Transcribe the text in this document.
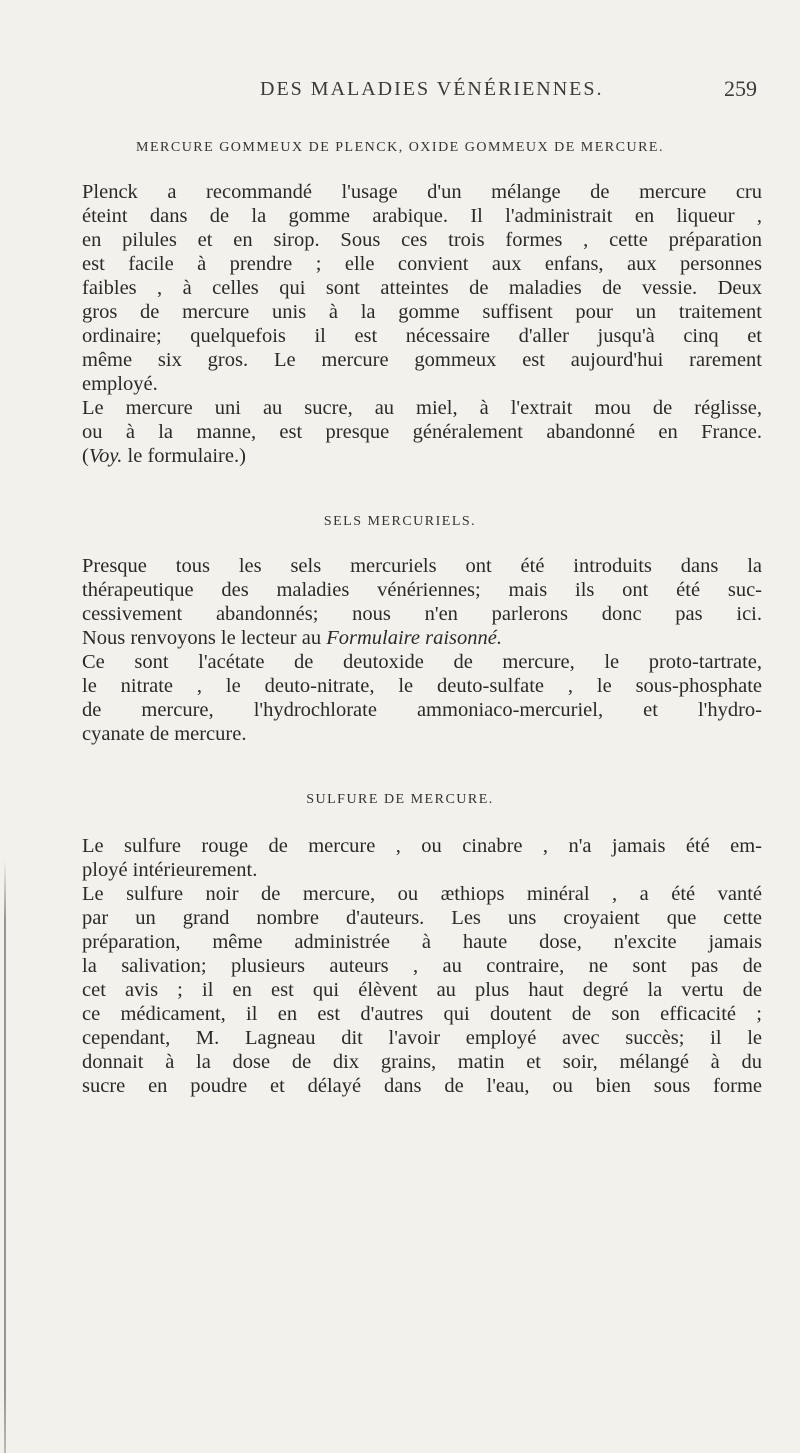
DES MALADIES VÉNÉRIENNES.	259
MERCURE GOMMEUX DE PLENCK, OXIDE GOMMEUX DE MERCURE.
Plenck a recommandé l'usage d'un mélange de mercure cru
éteint dans de la gomme arabique. Il l'administrait en liqueur ,
en pilules et en sirop. Sous ces trois formes , cette préparation
est facile à prendre ; elle convient aux enfans, aux personnes
faibles , à celles qui sont atteintes de maladies de vessie. Deux
gros de mercure unis à la gomme suffisent pour un traitement
ordinaire; quelquefois il est nécessaire d'aller jusqu'à cinq et
même six gros. Le mercure gommeux est aujourd'hui rarement
employé.
Le mercure uni au sucre, au miel, à l'extrait mou de réglisse,
ou à la manne, est presque généralement abandonné en France.
(Voy. le formulaire.)
SELS MERCURIELS.
Presque tous les sels mercuriels ont été introduits dans la
thérapeutique des maladies vénériennes; mais ils ont été suc-
cessivement abandonnés; nous n'en parlerons donc pas ici.
Nous renvoyons le lecteur au Formulaire raisonné.
Ce sont l'acétate de deutoxide de mercure, le proto-tartrate,
le nitrate , le deuto-nitrate, le deuto-sulfate , le sous-phosphate
de mercure, l'hydrochlorate ammoniaco-mercuriel, et l'hydro-
cyanate de mercure.
SULFURE DE MERCURE.
Le sulfure rouge de mercure , ou cinabre , n'a jamais été em-
ployé intérieurement.
Le sulfure noir de mercure, ou æthiops minéral , a été vanté
par un grand nombre d'auteurs. Les uns croyaient que cette
préparation, même administrée à haute dose, n'excite jamais
la salivation; plusieurs auteurs , au contraire, ne sont pas de
cet avis ; il en est qui élèvent au plus haut degré la vertu de
ce médicament, il en est d'autres qui doutent de son efficacité ;
cependant, M. Lagneau dit l'avoir employé avec succès; il le
donnait à la dose de dix grains, matin et soir, mélangé à du
sucre en poudre et délayé dans de l'eau, ou bien sous forme
